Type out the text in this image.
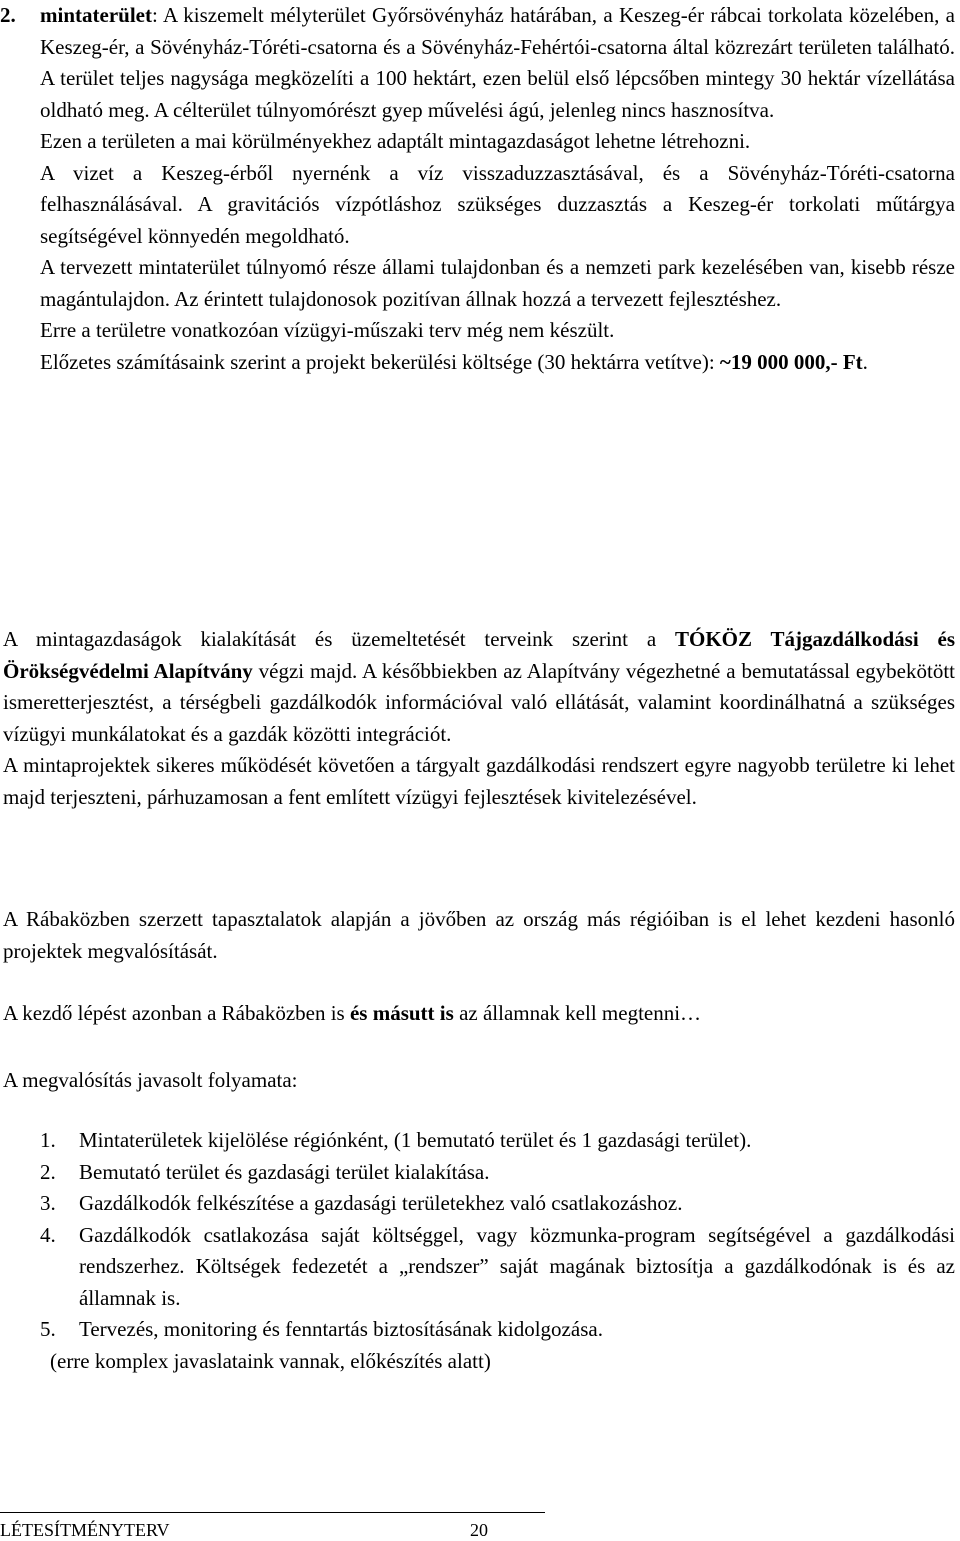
2. mintaterület: A kiszemelt mélyterület Győrsövényház határában, a Keszeg-ér rábcai torkolata közelében, a Keszeg-ér, a Sövényház-Tóréti-csatorna és a Sövényház-Fehértói-csatorna által közrezárt területen található. A terület teljes nagysága megközelíti a 100 hektárt, ezen belül első lépcsőben mintegy 30 hektár vízellátása oldható meg. A célterület túlnyomórészt gyep művelési ágú, jelenleg nincs hasznosítva.

Ezen a területen a mai körülményekhez adaptált mintagazdaságot lehetne létrehozni.

A vizet a Keszeg-érből nyernénk a víz visszaduzzasztásával, és a Sövényház-Tóréti-csatorna felhasználásával. A gravitációs vízpótláshoz szükséges duzzasztás a Keszeg-ér torkolati műtárgya segítségével könnyedén megoldható.

A tervezett mintaterület túlnyomó része állami tulajdonban és a nemzeti park kezelésében van, kisebb része magántulajdon. Az érintett tulajdonosok pozitívan állnak hozzá a tervezett fejlesztéshez.

Erre a területre vonatkozóan vízügyi-műszaki terv még nem készült.

Előzetes számításaink szerint a projekt bekerülési költsége (30 hektárra vetítve): ~19 000 000,- Ft.

A mintagazdaságok kialakítását és üzemeltetését terveink szerint a TÓKÖZ Tájgazdálkodási és Örökségvédelmi Alapítvány végzi majd. A későbbiekben az Alapítvány végezhetné a bemutatással egybekötött ismeretterjesztést, a térségbeli gazdálkodók információval való ellátását, valamint koordinálhatná a szükséges vízügyi munkálatokat és a gazdák közötti integrációt.

A mintaprojektek sikeres működését követően a tárgyalt gazdálkodási rendszert egyre nagyobb területre ki lehet majd terjeszteni, párhuzamosan a fent említett vízügyi fejlesztések kivitelezésével.

A Rábaközben szerzett tapasztalatok alapján a jövőben az ország más régióiban is el lehet kezdeni hasonló projektek megvalósítását.

A kezdő lépést azonban a Rábaközben is és másutt is az államnak kell megtenni…

A megvalósítás javasolt folyamata:

1. Mintaterületek kijelölése régiónként, (1 bemutató terület és 1 gazdasági terület).
2. Bemutató terület és gazdasági terület kialakítása.
3. Gazdálkodók felkészítése a gazdasági területekhez való csatlakozáshoz.
4. Gazdálkodók csatlakozása saját költséggel, vagy közmunka-program segítségével a gazdálkodási rendszerhez. Költségek fedezetét a „rendszer” saját magának biztosítja a gazdálkodónak is és az államnak is.
5. Tervezés, monitoring és fenntartás biztosításának kidolgozása.
(erre komplex javaslataink vannak, előkészítés alatt)
LÉTESÍTMÉNYTERV	20
